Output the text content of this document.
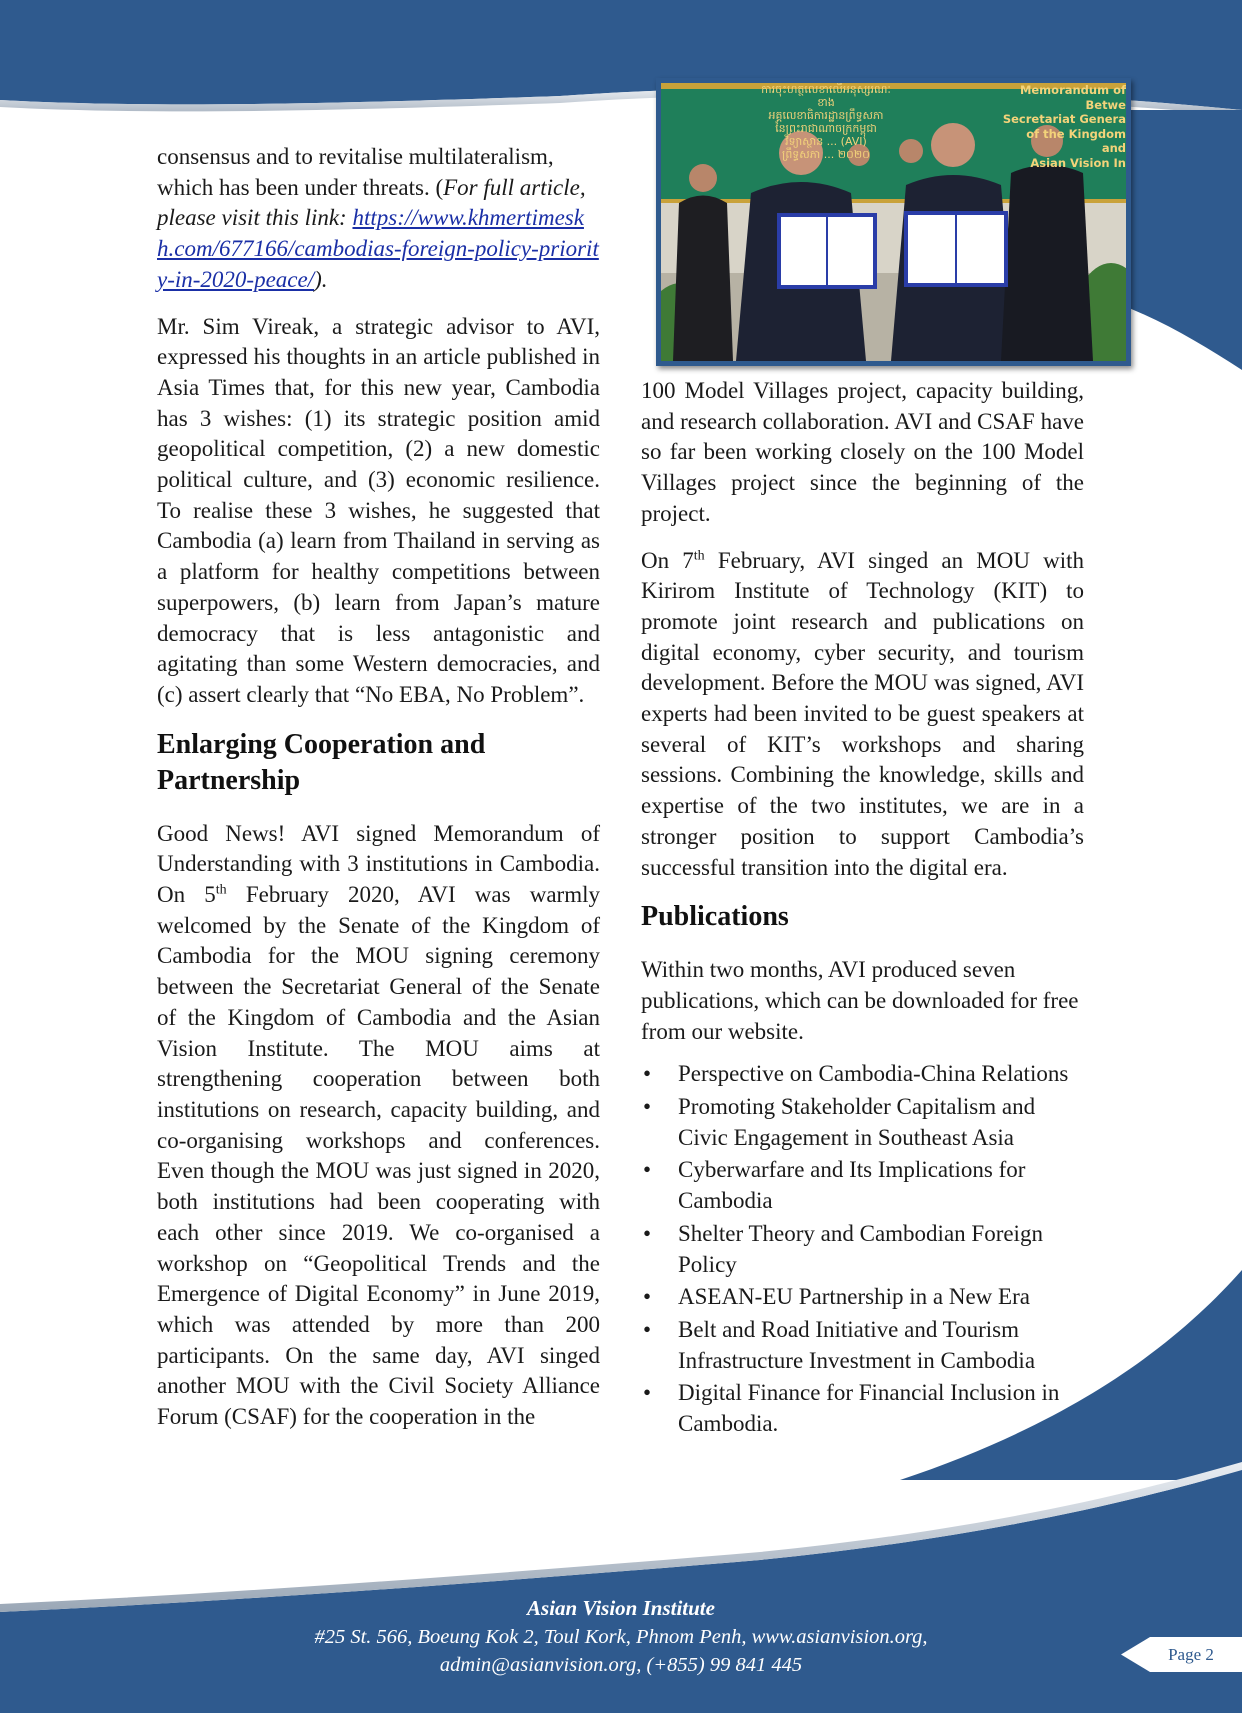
ការចុះហត្ថលេខាលើអនុស្សរណៈ
ខាង
អគ្គលេខាធិការដ្ឋានព្រឹទ្ធសភា
នៃព្រះរាជាណាចក្រកម្ពុជា
វិទ្យាស្ថាន ... (AVI)
ព្រឹទ្ធសភា ... ២០២០
Memorandum of
Betwe
Secretariat Genera
of the Kingdom
and
Asian Vision In

consensus and to revitalise multilateralism, which has been under threats. (For full article, please visit this link: https://www.khmertimeskh.com/677166/cambodias-foreign-policy-priority-in-2020-peace/).

Mr. Sim Vireak, a strategic advisor to AVI, expressed his thoughts in an article published in Asia Times that, for this new year, Cambodia has 3 wishes: (1) its strategic position amid geopolitical competition, (2) a new domestic political culture, and (3) economic resilience. To realise these 3 wishes, he suggested that Cambodia (a) learn from Thailand in serving as a platform for healthy competitions between superpowers, (b) learn from Japan’s mature democracy that is less antagonistic and agitating than some Western democracies, and (c) assert clearly that “No EBA, No Problem”.

Enlarging Cooperation and Partnership

Good News! AVI signed Memorandum of Understanding with 3 institutions in Cambodia. On 5th February 2020, AVI was warmly welcomed by the Senate of the Kingdom of Cambodia for the MOU signing ceremony between the Secretariat General of the Senate of the Kingdom of Cambodia and the Asian Vision Institute. The MOU aims at strengthening cooperation between both institutions on research, capacity building, and co-organising workshops and conferences. Even though the MOU was just signed in 2020, both institutions had been cooperating with each other since 2019. We co-organised a workshop on “Geopolitical Trends and the Emergence of Digital Economy” in June 2019, which was attended by more than 200 participants. On the same day, AVI singed another MOU with the Civil Society Alliance Forum (CSAF) for the cooperation in the

100 Model Villages project, capacity building, and research collaboration. AVI and CSAF have so far been working closely on the 100 Model Villages project since the beginning of the project.

On 7th February, AVI singed an MOU with Kirirom Institute of Technology (KIT) to promote joint research and publications on digital economy, cyber security, and tourism development. Before the MOU was signed, AVI experts had been invited to be guest speakers at several of KIT’s workshops and sharing sessions. Combining the knowledge, skills and expertise of the two institutes, we are in a stronger position to support Cambodia’s successful transition into the digital era.

Publications

Within two months, AVI produced seven publications, which can be downloaded for free from our website.

• Perspective on Cambodia-China Relations
• Promoting Stakeholder Capitalism and Civic Engagement in Southeast Asia
• Cyberwarfare and Its Implications for Cambodia
• Shelter Theory and Cambodian Foreign Policy
• ASEAN-EU Partnership in a New Era
• Belt and Road Initiative and Tourism Infrastructure Investment in Cambodia
• Digital Finance for Financial Inclusion in Cambodia.
Asian Vision Institute
#25 St. 566, Boeung Kok 2, Toul Kork, Phnom Penh, www.asianvision.org,
admin@asianvision.org, (+855) 99 841 445	Page 2
